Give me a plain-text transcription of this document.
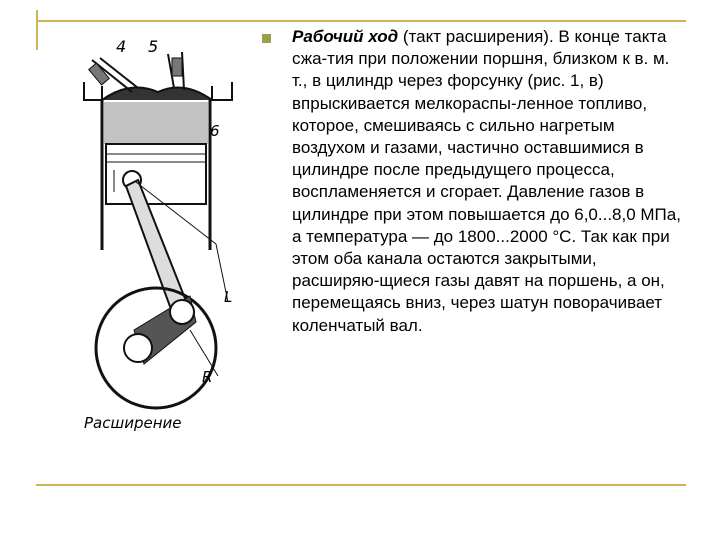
4 5
6
L
R
Расширение

Рабочий ход (такт расширения). В конце такта сжа-тия при положении поршня, близком к в. м. т., в цилиндр через форсунку (рис. 1, в) впрыскивается мелкораспы-ленное топливо, которое, смешиваясь с сильно нагретым воздухом и газами, частично оставшимися в цилиндре после предыдущего процесса, воспламеняется и сгорает. Давление газов в цилиндре при этом повышается до 6,0...8,0 МПа, а температура — до 1800...2000 °С. Так как при этом оба канала остаются закрытыми, расширяю-щиеся газы давят на поршень, а он, перемещаясь вниз, через шатун поворачивает коленчатый вал.
